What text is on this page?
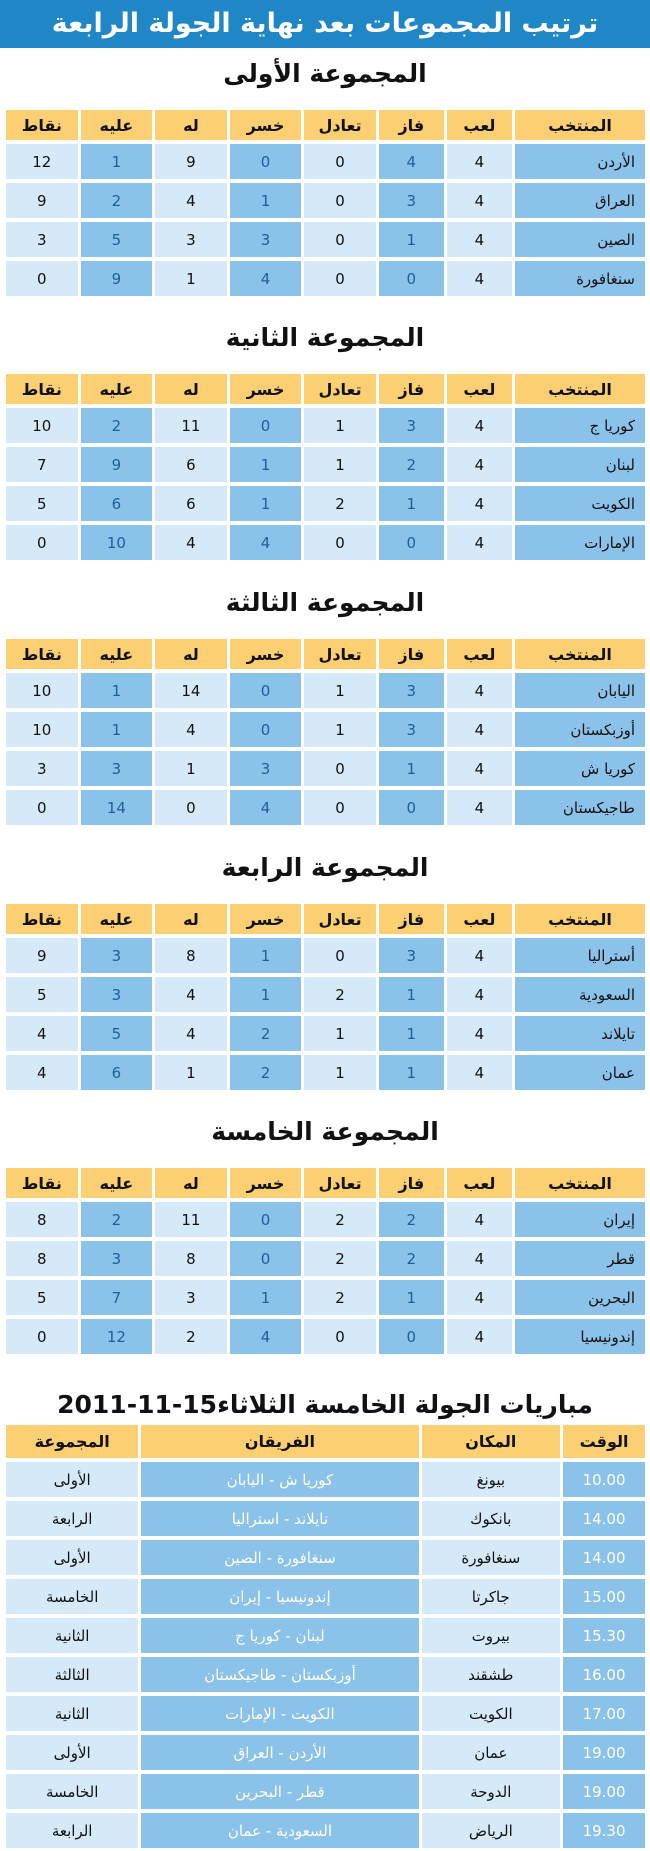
ترتيب المجموعات بعد نهاية الجولة الرابعة
المجموعة الأولى
المنتخب	لعب	فاز	تعادل	خسر	له	عليه	نقاط
الأردن	4	4	0	0	9	1	12
العراق	4	3	0	1	4	2	9
الصين	4	1	0	3	3	5	3
سنغافورة	4	0	0	4	1	9	0
المجموعة الثانية
المنتخب	لعب	فاز	تعادل	خسر	له	عليه	نقاط
كوريا ج	4	3	1	0	11	2	10
لبنان	4	2	1	1	6	9	7
الكويت	4	1	2	1	6	6	5
الإمارات	4	0	0	4	4	10	0
المجموعة الثالثة
المنتخب	لعب	فاز	تعادل	خسر	له	عليه	نقاط
اليابان	4	3	1	0	14	1	10
أوزبكستان	4	3	1	0	4	1	10
كوريا ش	4	1	0	3	1	3	3
طاجيكستان	4	0	0	4	0	14	0
المجموعة الرابعة
المنتخب	لعب	فاز	تعادل	خسر	له	عليه	نقاط
أستراليا	4	3	0	1	8	3	9
السعودية	4	1	2	1	4	3	5
تايلاند	4	1	1	2	4	5	4
عمان	4	1	1	2	1	6	4
المجموعة الخامسة
المنتخب	لعب	فاز	تعادل	خسر	له	عليه	نقاط
إيران	4	2	2	0	11	2	8
قطر	4	2	2	0	8	3	8
البحرين	4	1	2	1	3	7	5
إندونيسيا	4	0	0	4	2	12	0
مباريات الجولة الخامسة الثلاثاء15-11-2011
الوقت	المكان	الفريقان	المجموعة
10.00	بيونغ	كوريا ش - اليابان	الأولى
14.00	بانكوك	تايلاند - استراليا	الرابعة
14.00	سنغافورة	سنغافورة - الصين	الأولى
15.00	جاكرتا	إندونيسيا - إيران	الخامسة
15.30	بيروت	لبنان - كوريا ج	الثانية
16.00	طشقند	أوزبكستان - طاجيكستان	الثالثة
17.00	الكويت	الكويت - الإمارات	الثانية
19.00	عمان	الأردن - العراق	الأولى
19.00	الدوحة	قطر - البحرين	الخامسة
19.30	الرياض	السعودية - عمان	الرابعة
